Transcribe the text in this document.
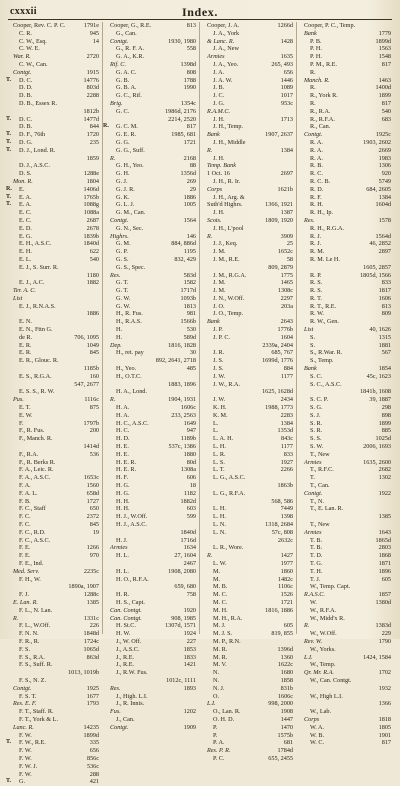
cxxxii	Index.
Cooper, Rev. C. P. C.	1791e
C. R.	945
C. W., Esq.	14
C. W. E.
War. R.	2720
C. W., Can.
Contgt.	1915
T. D. C.	14776
D. D.	803d
D. B.	2288
D. B., Essex R.
1812b
T. D. C.	1477d
D. B.	844
T. D. F., 76th	1720
T. D. G.	235
T. D. J., Lond. R.
1859
D. J., A.S.C.
D. S.	1288e
Mon. R.	1804
R. E.	1406d
T. E. A.	1765b
T. E. A.	1088g
E. C.	1088a
E. C.	2687
E. D.	2678
E. G.	1839b
E. H., A.S.C.	1840d
E. H.	622
E. L.	540
E. J., S. Surr. R.
1180
E. J., A.C.	1882
Ter. A. C.
List
E. J., R.N.A.S.
1886
E. N.
E. N., Fttn G.
de R.	706, 1095
E. R.	1049
E. R.	845
E. R., Glouc. R.
1185b
E. S., R.G.A.	160
547, 2677
E. S. S., R. W.
Pus.	1116c
E. T.	875
E. W.
F.	1797b
F., R. Fus.	200
F., Manch. R.
1414d
F., R.A.	536
F., R. Berks R.
F. A., Leic. R.
F. A., A.S.C.	1653c
F. A.	1560
F. A. L.	658d
F. B.	1727
F. C., Staff	650
F. C.	2372
F. C.	845
F. C., R.D.	19
F. C., A.S.C.
F. E.	1266
F. E.	970
F. E., Ind.
Med. Serv.	2235c
F. H., W.
1890a, 1907
F. J.	1288c
E. Lan. R.	1385
F. L., N. Lan.
R.	1331c
F. L., W.Off.	226
F. N. N.	1848d
F. R., R.	1724c
F. S.	1065d
F. S., R.A.	863d
F. S., Suff. R.
1013, 1019b
F. S., N. Z.
Contgt.	1925
F. S. T.	1677
Res. E. F.	1793
F. T., Staff. R.
F. T., York & L.
Lanc. R.	14235
F. W.	1899d
T. F. W., R.E.	335
F. W.	656
F. W.	856c
F. W. J.	536c
F. W.	288
T. G.	421
Cooper, G., R.E.	813
G., Can.
Contgt.	1930, 1980
G., R. F. A.	558
G. A., K.R.
Rif. C.	1398d
G. A. C.	808
G. B.	1788
G. B. A.	1990
G. C., Rif.
Brig.	1354c
G. C.	1986d, 2176
2214, 2520
R. G. C. M.	817
G. E. R.	1985, 681
G. G.	1721
G. G., Suff.
R.	2168
G. H., Yeo.	88
G. H.	1356d
G. J.	269
G. J. R.	29
G. K.	1886
G. L. J.	1005
G. M., Can.
Contgt.	1564
G. N., Sec.
Highrs.	146
G. M.	884, 886d
G. P.	1195
G. S.	832, 429
G. S., Spec.
Res.	583d
G. T.	1582
G. T.	1717d
G. W.	1093b
G. W.	1813
H., R. Fus.	981
H., R.A.S.	1566b
H.	530
H.	589d
Dep.	1816, 1828
H., ret. pay	30
892, 2641, 2718
H., Yeo.	485
H., O.T.C.
1883, 1896
H. A., Lond.
R.	1904, 1931
H. A.	1606c
H. A.	233, 2563
H. C., A.S.C.	1649
H. C.	947
H. D.	1189b
H. E.	537c, 1386
H. E.	1880
H. E. R.	80d
H. E. R.	1308a
H. F.	606
H. G.	18
H. G.	1182
H. H.	1882d
H. H.	603
H. J., W.Off.	599
H. J., A.S.C.
1840d
H. J.	1716d
Armies	1634
H. L.	27, 1604
2467
H. L.	1908, 2080
H. O., R.F.A.
659, 680
H. R.	758
H. S., Capt.
Can. Contgt.	1920
Can. Contgt.	908, 1985
H. St.C.	1307d, 1571
H. W.	1924
J., W. Off.	227
J., A.S.C.	1853
J., R.E.	1833
J., R.E.	1421
J., R.W. Fus.
1012c, 1111
Res.	1893
J., High. L.I.
J., R. Innis.
Fus.	1202
J., Can.
Contgt.	1909
Cooper, J. A.	1266d
J. A., York
& Lanc. R.	1428
J. A., New
Armies	1635
J. A., Yeo.	265, 493
J. A.	656
J. A. W.	1446
J. B.	1089
J. C.	1017
J. G.	953c
R.A.M.C.
J. H.	1713
J. H., Temp.
Bank	1907, 2637
J. H., Middle
R.	1384
J. H.
Temp. Bank
1 Oct. 16	2697
J. H., R. Ir.
Corps	1621b
J. H., Arg. &
Suth'd Highrs.	1366, 1921
J. H.	1387
Scots.	1809, 1920
J. H., L'pool
R.	3909
J. J., Keq.	25
J. M.	1652c
J. M., R.E.	58
809, 2879
J. M., R.G.A.	1775
J. M.	1465
J. M.	1308c
J. N., W.Off.	2297
J. O.	203a
J. O., Temp.
Bank	2643
J. P.	1776b
J. P. C.	1604
2339a, 2404
J. R.	685, 767
J. S.	1699d, 1776
J. S.	884
J. W.	1177
J. W., R.A.
1625, 1628d
J. W.	2434
K. H.	1988, 1773
K. M.	2283
L.	1384
L.	1353d
L. A. H.	843c
L. H.	1177
L. R.	833
L. S.	1927
L. T.	2266
L. G., A.S.C.
1863b
L. G., R.F.A.
568, 586
L. H.	7449
L. H.	1398
L. N.	1318, 2684
L. N.	57c, 808
2632c
L. R., Wore.
R.	1427
L. W.	1977
M.	1860
M.	1482c
M. B.	1106c
M. C.	1526
M. C.	1721
M. H.	1816, 1886
M. H., R.A.
M. J.	605
M. J. S.	819, 855
M. P., R.N.
M. R.	1396d
M. R.	1360
M. V.	1622c
N.	1680
N.	1858
N. J.	831b
O.	1606c
L.I.	998, 2000
O., Lan. R.	1908
O. H. D.	1447
P.	1470
P.	1575b
P. A.	681
Res. P. R.	1784d
P. C.	655, 2455
Cooper, P. C., Temp.
Bank	1779
P. B.	1899d
P. H.	1563
P. H.	1548
P. M., R.E.	817
R.
Manch. R.	1463
R.	1400d
R., York R.	1899
R.	817
R., R.A.	540
R., R.F.A.	683
R., Can.
Contgt.	1925c
R. A.	1903, 2602
R. A.	2669
R. A.	1983
R. B.	1306
R. C.	920
R. C. B.	5749
R. D.	684, 2605
R. F.	1384
R. H.	1604d
R. H., Ip.
Res.	1578
R. H., R.G.A.
R. J.	1564d
R. J.	46, 2852
R. M.	2897
R. M. Le H.
1605, 2857
R. P.	1805d, 1566
R. S.	833
R. S.	1817
R. T.	1606
R. T., R.E.	813
R. W.	809
R. W., Gen.
List	40, 1626
S.	1315
S.	1881
S., R.War. R.	567
S., Temp.
Bank	1854
S. C.	45c, 1623
S. C., A.S.C.
1841b, 1608
S. C. P.	39, 1887
S. G.	298
S. J.	898
S. R.	1899
S. R.	885
S. S.	1025d
S. W.	2006, 1693
T., New
Armies	1635, 2600
T., R.F.C.	2682
T.	1302
T., Can.
Contgt.	1922
T., N.
T., E. Lan. R.
1385
T., New
Armies	1643
T. B.	1865d
T. B.	2803
T. D.	1868
T. G.	1871
T. H.	1896
T. J.	605
W., Temp. Capt.
R.A.S.C.	1857
W.	1380d
W., R.F.A.
W., Midd'x R.
R.	1383d
W., W.Off.	229
Rev. W.	1790
W., Yorks.
L.I.	1424, 1584
W., Temp.
Qr. Mr. R.A.	1702
W., Can. Contgt.
1932
W., High L.I.
1366
W., Lab.
Corps	1818
W. A.	1805
W. B.	1901
W. C.	817
